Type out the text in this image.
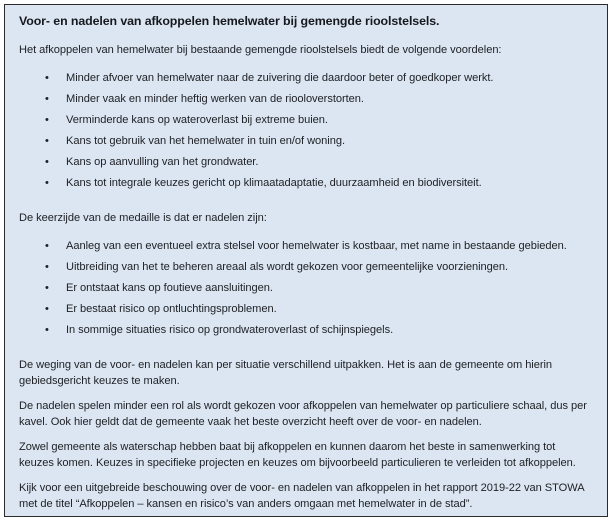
Voor- en nadelen van afkoppelen hemelwater bij gemengde rioolstelsels.

Het afkoppelen van hemelwater bij bestaande gemengde rioolstelsels biedt de volgende voordelen:

• Minder afvoer van hemelwater naar de zuivering die daardoor beter of goedkoper werkt.
• Minder vaak en minder heftig werken van de riooloverstorten.
• Verminderde kans op wateroverlast bij extreme buien.
• Kans tot gebruik van het hemelwater in tuin en/of woning.
• Kans op aanvulling van het grondwater.
• Kans tot integrale keuzes gericht op klimaatadaptatie, duurzaamheid en biodiversiteit.

De keerzijde van de medaille is dat er nadelen zijn:

• Aanleg van een eventueel extra stelsel voor hemelwater is kostbaar, met name in bestaande gebieden.
• Uitbreiding van het te beheren areaal als wordt gekozen voor gemeentelijke voorzieningen.
• Er ontstaat kans op foutieve aansluitingen.
• Er bestaat risico op ontluchtingsproblemen.
• In sommige situaties risico op grondwateroverlast of schijnspiegels.

De weging van de voor- en nadelen kan per situatie verschillend uitpakken. Het is aan de gemeente om hierin gebiedsgericht keuzes te maken.

De nadelen spelen minder een rol als wordt gekozen voor afkoppelen van hemelwater op particuliere schaal, dus per kavel. Ook hier geldt dat de gemeente vaak het beste overzicht heeft over de voor- en nadelen.

Zowel gemeente als waterschap hebben baat bij afkoppelen en kunnen daarom het beste in samenwerking tot keuzes komen. Keuzes in specifieke projecten en keuzes om bijvoorbeeld particulieren te verleiden tot afkoppelen.

Kijk voor een uitgebreide beschouwing over de voor- en nadelen van afkoppelen in het rapport 2019-22 van STOWA met de titel “Afkoppelen – kansen en risico’s van anders omgaan met hemelwater in de stad”.
